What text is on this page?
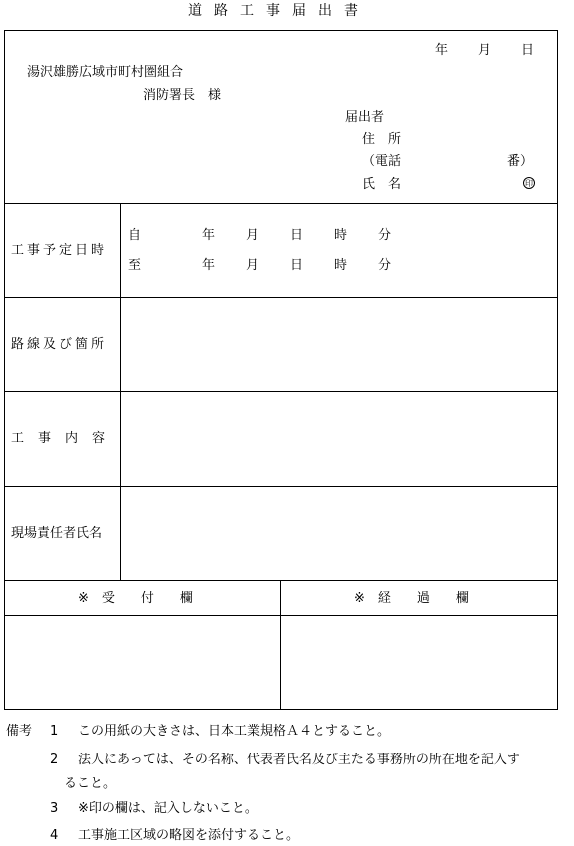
道路工事届出書
年 月 日
湯沢雄勝広域市町村圏組合
消防署長　様
届出者
住　所
（電話	番）
氏　名	印
工事予定日時
自	年 月 日 時 分
至	年 月 日 時 分
路線及び箇所
工事内容
現場責任者氏名
※　受　　付　　欄	※　経　　過　　欄
備考 1 この用紙の大きさは、日本工業規格Ａ４とすること。
2 法人にあっては、その名称、代表者氏名及び主たる事務所の所在地を記入す
ること。
3 ※印の欄は、記入しないこと。
4 工事施工区域の略図を添付すること。
